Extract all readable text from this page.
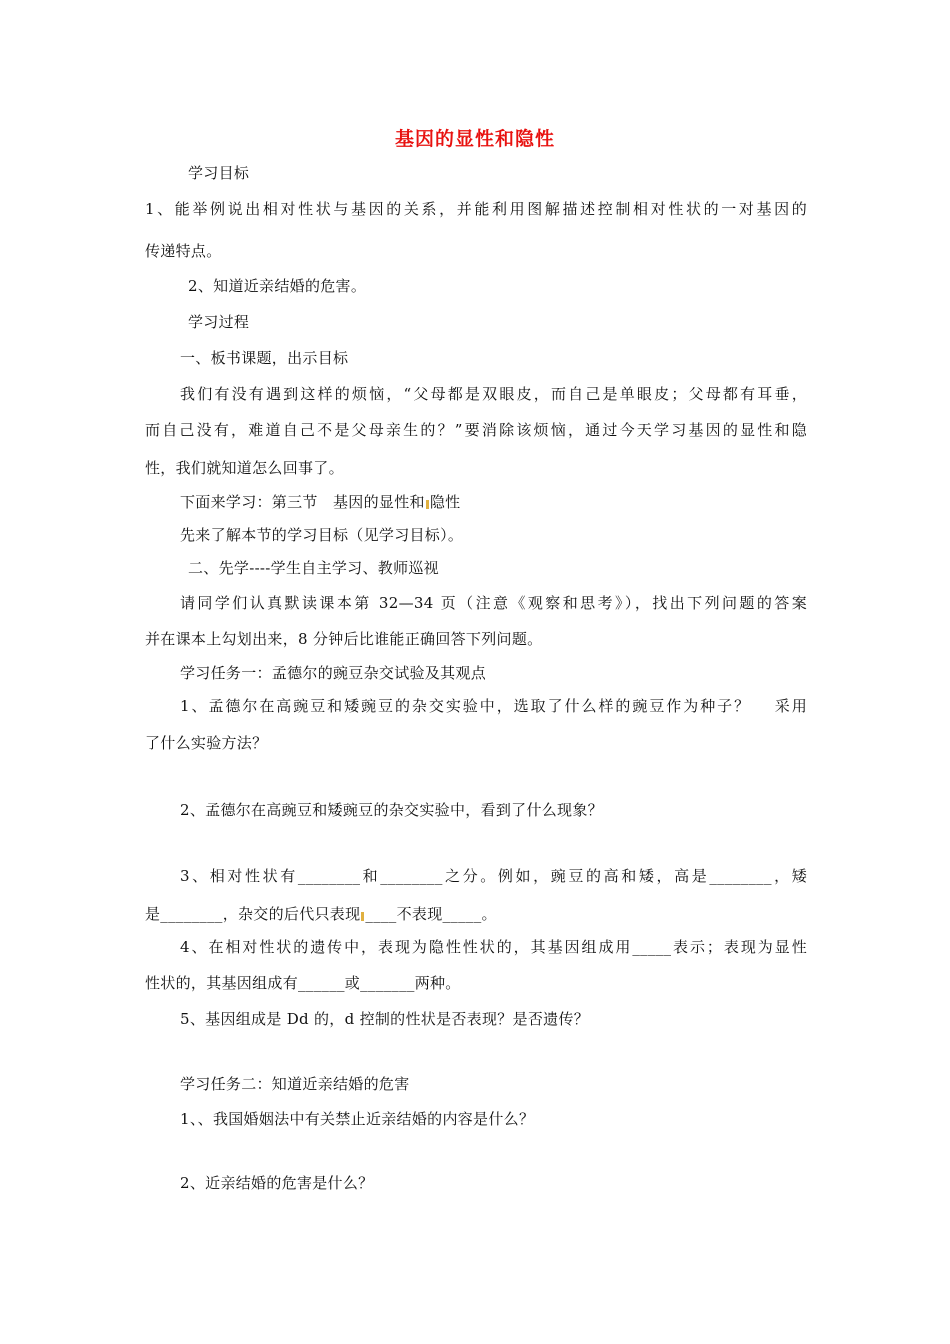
基因的显性和隐性
学习目标
1、能举例说出相对性状与基因的关系，并能利用图解描述控制相对性状的一对基因的
传递特点。
2、知道近亲结婚的危害。
学习过程
一、板书课题，出示目标
我们有没有遇到这样的烦恼，“父母都是双眼皮，而自己是单眼皮；父母都有耳垂，
而自己没有，难道自己不是父母亲生的？”要消除该烦恼，通过今天学习基因的显性和隐
性，我们就知道怎么回事了。
下面来学习：第三节　基因的显性和 隐性
先来了解本节的学习目标（见学习目标）。
二、先学----学生自主学习、教师巡视
请同学们认真默读课本第 32—34 页（注意《观察和思考》），找出下列问题的答案
并在课本上勾划出来，8 分钟后比谁能正确回答下列问题。
学习任务一：孟德尔的豌豆杂交试验及其观点
1、孟德尔在高豌豆和矮豌豆的杂交实验中，选取了什么样的豌豆作为种子？　 采用
了什么实验方法？
2、孟德尔在高豌豆和矮豌豆的杂交实验中，看到了什么现象？
3、相对性状有________和________之分。例如，豌豆的高和矮，高是________，矮
是________，杂交的后代只表现 ____不表现_____。
4、在相对性状的遗传中，表现为隐性性状的，其基因组成用_____表示；表现为显性
性状的，其基因组成有______或_______两种。
5、基因组成是 Dd 的，d 控制的性状是否表现？是否遗传？
学习任务二：知道近亲结婚的危害
1、、我国婚姻法中有关禁止近亲结婚的内容是什么？
2、近亲结婚的危害是什么？
